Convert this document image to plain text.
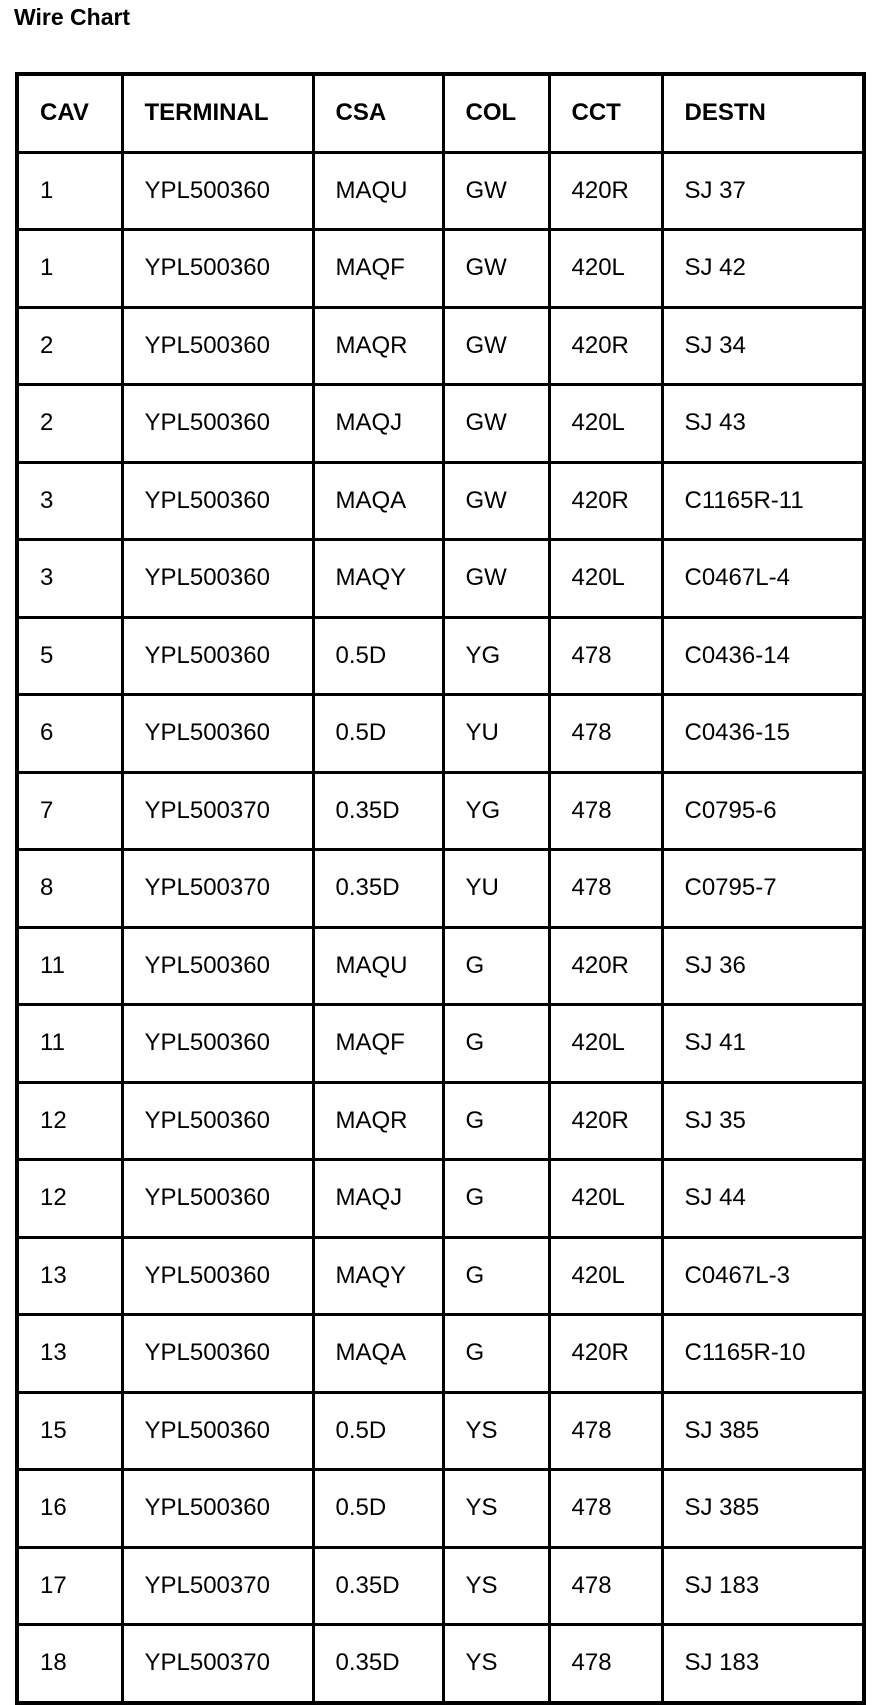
Wire Chart
CAV	TERMINAL	CSA	COL	CCT	DESTN
1	YPL500360	MAQU	GW	420R	SJ 37
1	YPL500360	MAQF	GW	420L	SJ 42
2	YPL500360	MAQR	GW	420R	SJ 34
2	YPL500360	MAQJ	GW	420L	SJ 43
3	YPL500360	MAQA	GW	420R	C1165R-11
3	YPL500360	MAQY	GW	420L	C0467L-4
5	YPL500360	0.5D	YG	478	C0436-14
6	YPL500360	0.5D	YU	478	C0436-15
7	YPL500370	0.35D	YG	478	C0795-6
8	YPL500370	0.35D	YU	478	C0795-7
11	YPL500360	MAQU	G	420R	SJ 36
11	YPL500360	MAQF	G	420L	SJ 41
12	YPL500360	MAQR	G	420R	SJ 35
12	YPL500360	MAQJ	G	420L	SJ 44
13	YPL500360	MAQY	G	420L	C0467L-3
13	YPL500360	MAQA	G	420R	C1165R-10
15	YPL500360	0.5D	YS	478	SJ 385
16	YPL500360	0.5D	YS	478	SJ 385
17	YPL500370	0.35D	YS	478	SJ 183
18	YPL500370	0.35D	YS	478	SJ 183
